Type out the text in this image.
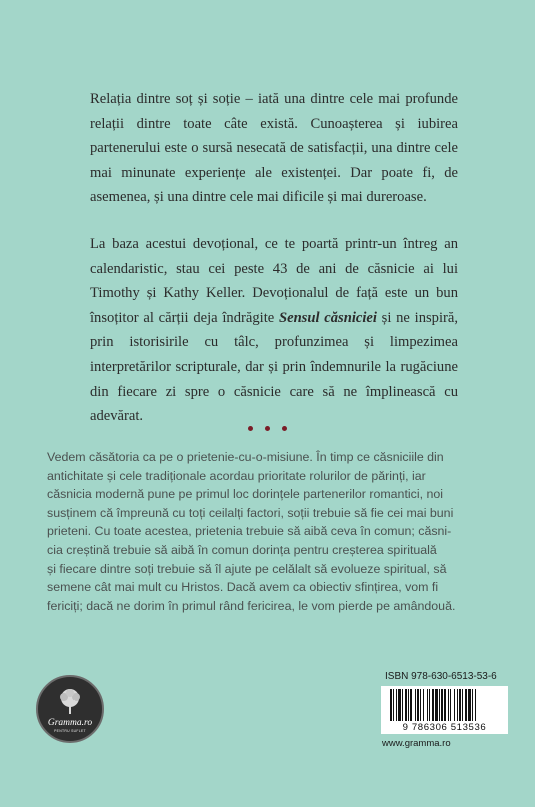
Relația dintre soț și soție – iată una dintre cele mai profunde relații dintre toate câte există. Cunoașterea și iubirea partenerului este o sursă nesecată de satisfacții, una dintre cele mai minunate experiențe ale existenței. Dar poate fi, de asemenea, și una dintre cele mai dificile și mai dureroase.

La baza acestui devoțional, ce te poartă printr-un întreg an calendaristic, stau cei peste 43 de ani de căsnicie ai lui Timothy și Kathy Keller. Devoționalul de față este un bun însoțitor al cărții deja îndrăgite Sensul căsniciei și ne inspiră, prin istorisirile cu tâlc, profunzimea și limpezimea interpretărilor scripturale, dar și prin îndemnurile la rugăciune din fiecare zi spre o căsnicie care să ne împlinească cu adevărat.

Vedem căsătoria ca pe o prietenie-cu-o-misiune. În timp ce căsniciile din
antichitate și cele tradiționale acordau prioritate rolurilor de părinți, iar
căsnicia modernă pune pe primul loc dorințele partenerilor romantici, noi
susținem că împreună cu toți ceilalți factori, soții trebuie să fie cei mai buni
prieteni. Cu toate acestea, prietenia trebuie să aibă ceva în comun; căsni-
cia creștină trebuie să aibă în comun dorința pentru creșterea spirituală
și fiecare dintre soți trebuie să îl ajute pe celălalt să evolueze spiritual, să
semene cât mai mult cu Hristos. Dacă avem ca obiectiv sfințirea, vom fi
fericiți; dacă ne dorim în primul rând fericirea, le vom pierde pe amândouă.
Gramma.ro
PENTRU SUFLET
ISBN 978-630-6513-53-6
9 786306 513536
www.gramma.ro
